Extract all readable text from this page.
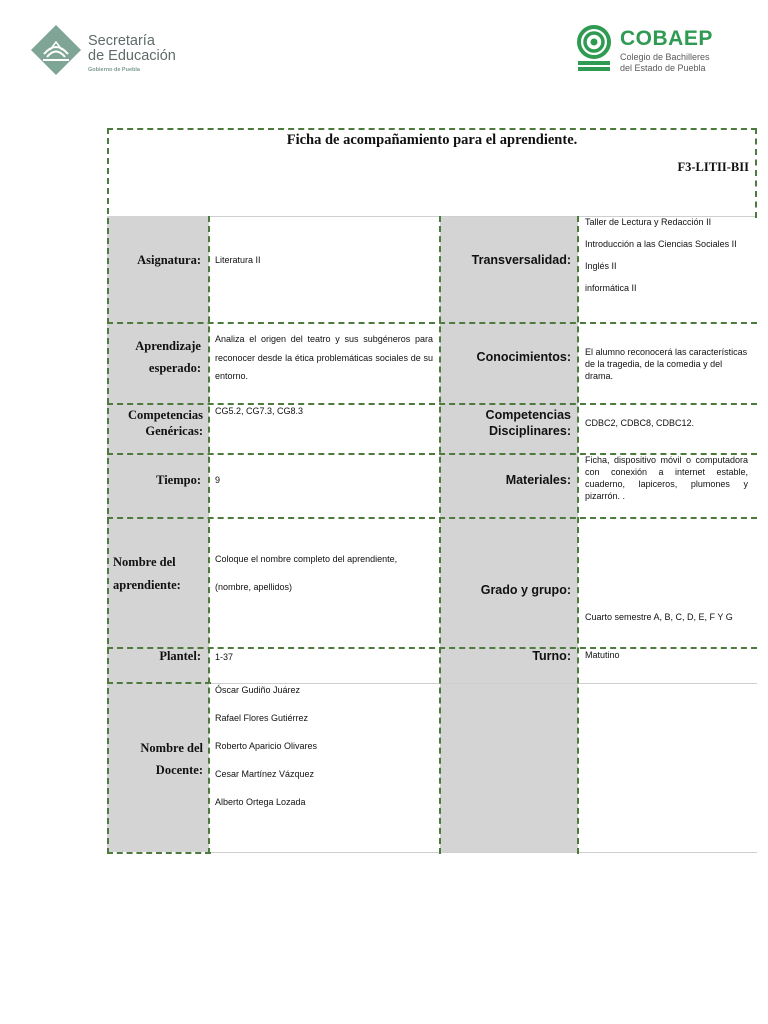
Secretaría
de Educación
Gobierno de Puebla
COBAEP
Colegio de Bachilleres
del Estado de Puebla
Ficha de acompañamiento para el aprendiente.
F3-LITII-BII
Asignatura: Literatura II	Transversalidad:
Taller de Lectura y Redacción II
Introducción a las Ciencias Sociales II
Inglés II
informática II
Aprendizaje esperado:
Analiza el origen del teatro y sus subgéneros para reconocer desde la ética problemáticas sociales de su entorno.
Conocimientos: El alumno reconocerá las características de la tragedia, de la comedia y del drama.
Competencias Genéricas:
CG5.2, CG7.3, CG8.3	Competencias Disciplinares:
CDBC2, CDBC8, CDBC12.
Tiempo: 9	Materiales:
Ficha, dispositivo móvil o computadora con conexión a internet estable, cuaderno, lapiceros, plumones y pizarrón. .
Nombre del aprendiente:
Coloque el nombre completo del aprendiente,
(nombre, apellidos)	Grado y grupo:
Cuarto semestre A, B, C, D, E, F Y G
Plantel: 1-37	Turno: Matutino
Nombre del Docente:
Óscar Gudiño Juárez
Rafael Flores Gutiérrez
Roberto Aparicio Olivares
Cesar Martínez Vázquez
Alberto Ortega Lozada
